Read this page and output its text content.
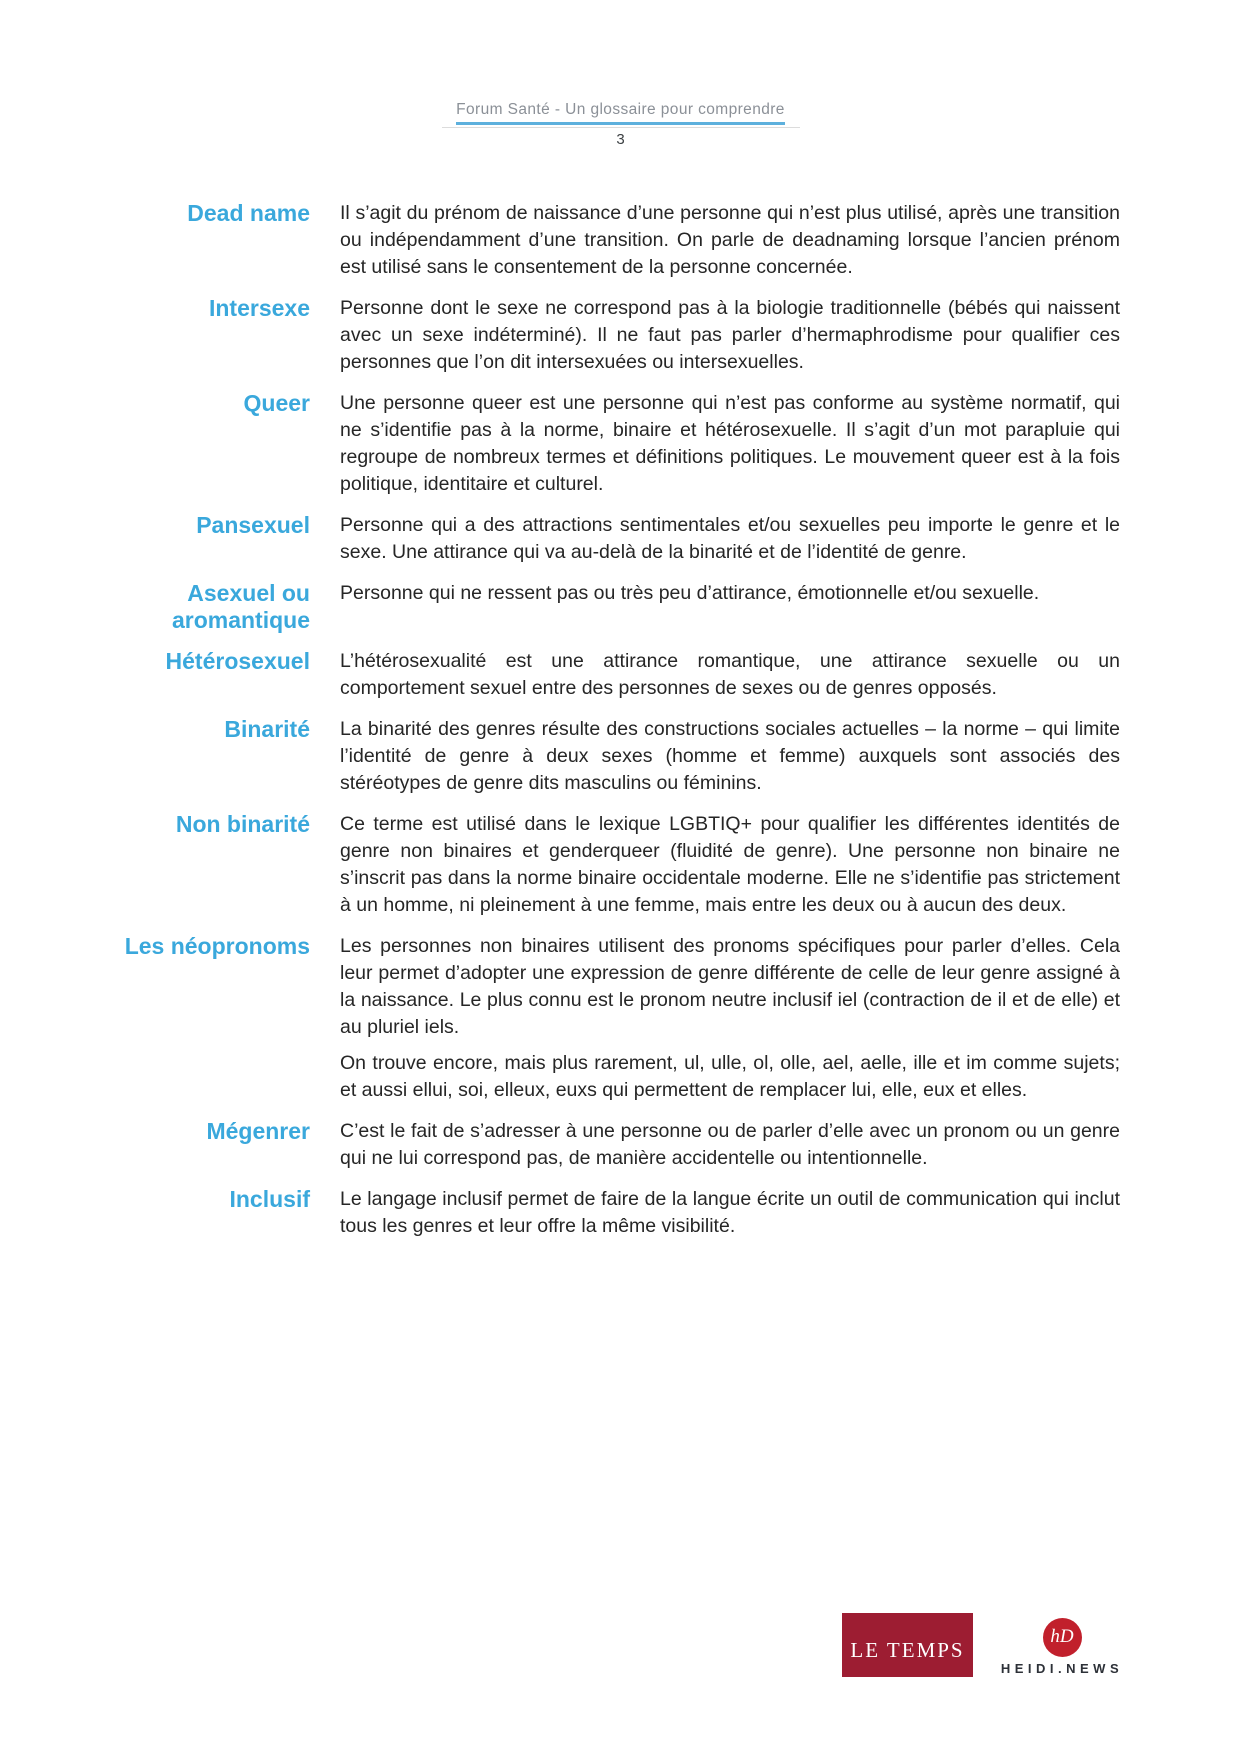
Forum Santé - Un glossaire pour comprendre
3
Dead name Il s’agit du prénom de naissance d’une personne qui n’est plus utilisé, après une transition ou indépendamment d’une transition. On parle de deadnaming lorsque l’ancien prénom est utilisé sans le consentement de la personne concernée.

Intersexe Personne dont le sexe ne correspond pas à la biologie traditionnelle (bébés qui naissent avec un sexe indéterminé). Il ne faut pas parler d’hermaphrodisme pour qualifier ces personnes que l’on dit intersexuées ou intersexuelles.

Queer Une personne queer est une personne qui n’est pas conforme au système normatif, qui ne s’identifie pas à la norme, binaire et hétérosexuelle. Il s’agit d’un mot parapluie qui regroupe de nombreux termes et définitions politiques. Le mouvement queer est à la fois politique, identitaire et culturel.

Pansexuel Personne qui a des attractions sentimentales et/ou sexuelles peu importe le genre et le sexe. Une attirance qui va au-delà de la binarité et de l’identité de genre.

Asexuel ou aromantique

Personne qui ne ressent pas ou très peu d’attirance, émotionnelle et/ou sexuelle.

Hétérosexuel L’hétérosexualité est une attirance romantique, une attirance sexuelle ou un comportement sexuel entre des personnes de sexes ou de genres opposés.

Binarité La binarité des genres résulte des constructions sociales actuelles – la norme – qui limite l’identité de genre à deux sexes (homme et femme) auxquels sont associés des stéréotypes de genre dits masculins ou féminins.

Non binarité Ce terme est utilisé dans le lexique LGBTIQ+ pour qualifier les différentes identités de genre non binaires et genderqueer (fluidité de genre). Une personne non binaire ne s’inscrit pas dans la norme binaire occidentale moderne. Elle ne s’identifie pas strictement à un homme, ni pleinement à une femme, mais entre les deux ou à aucun des deux.

Les néopronoms Les personnes non binaires utilisent des pronoms spécifiques pour parler d’elles. Cela leur permet d’adopter une expression de genre différente de celle de leur genre assigné à la naissance. Le plus connu est le pronom neutre inclusif iel (contraction de il et de elle) et au pluriel iels.

On trouve encore, mais plus rarement, ul, ulle, ol, olle, ael, aelle, ille et im comme sujets; et aussi ellui, soi, elleux, euxs qui permettent de remplacer lui, elle, eux et elles.

Mégenrer C’est le fait de s’adresser à une personne ou de parler d’elle avec un pronom ou un genre qui ne lui correspond pas, de manière accidentelle ou intentionnelle.

Inclusif Le langage inclusif permet de faire de la langue écrite un outil de communication qui inclut tous les genres et leur offre la même visibilité.

LE TEMPS
hD
HEIDI.NEWS
